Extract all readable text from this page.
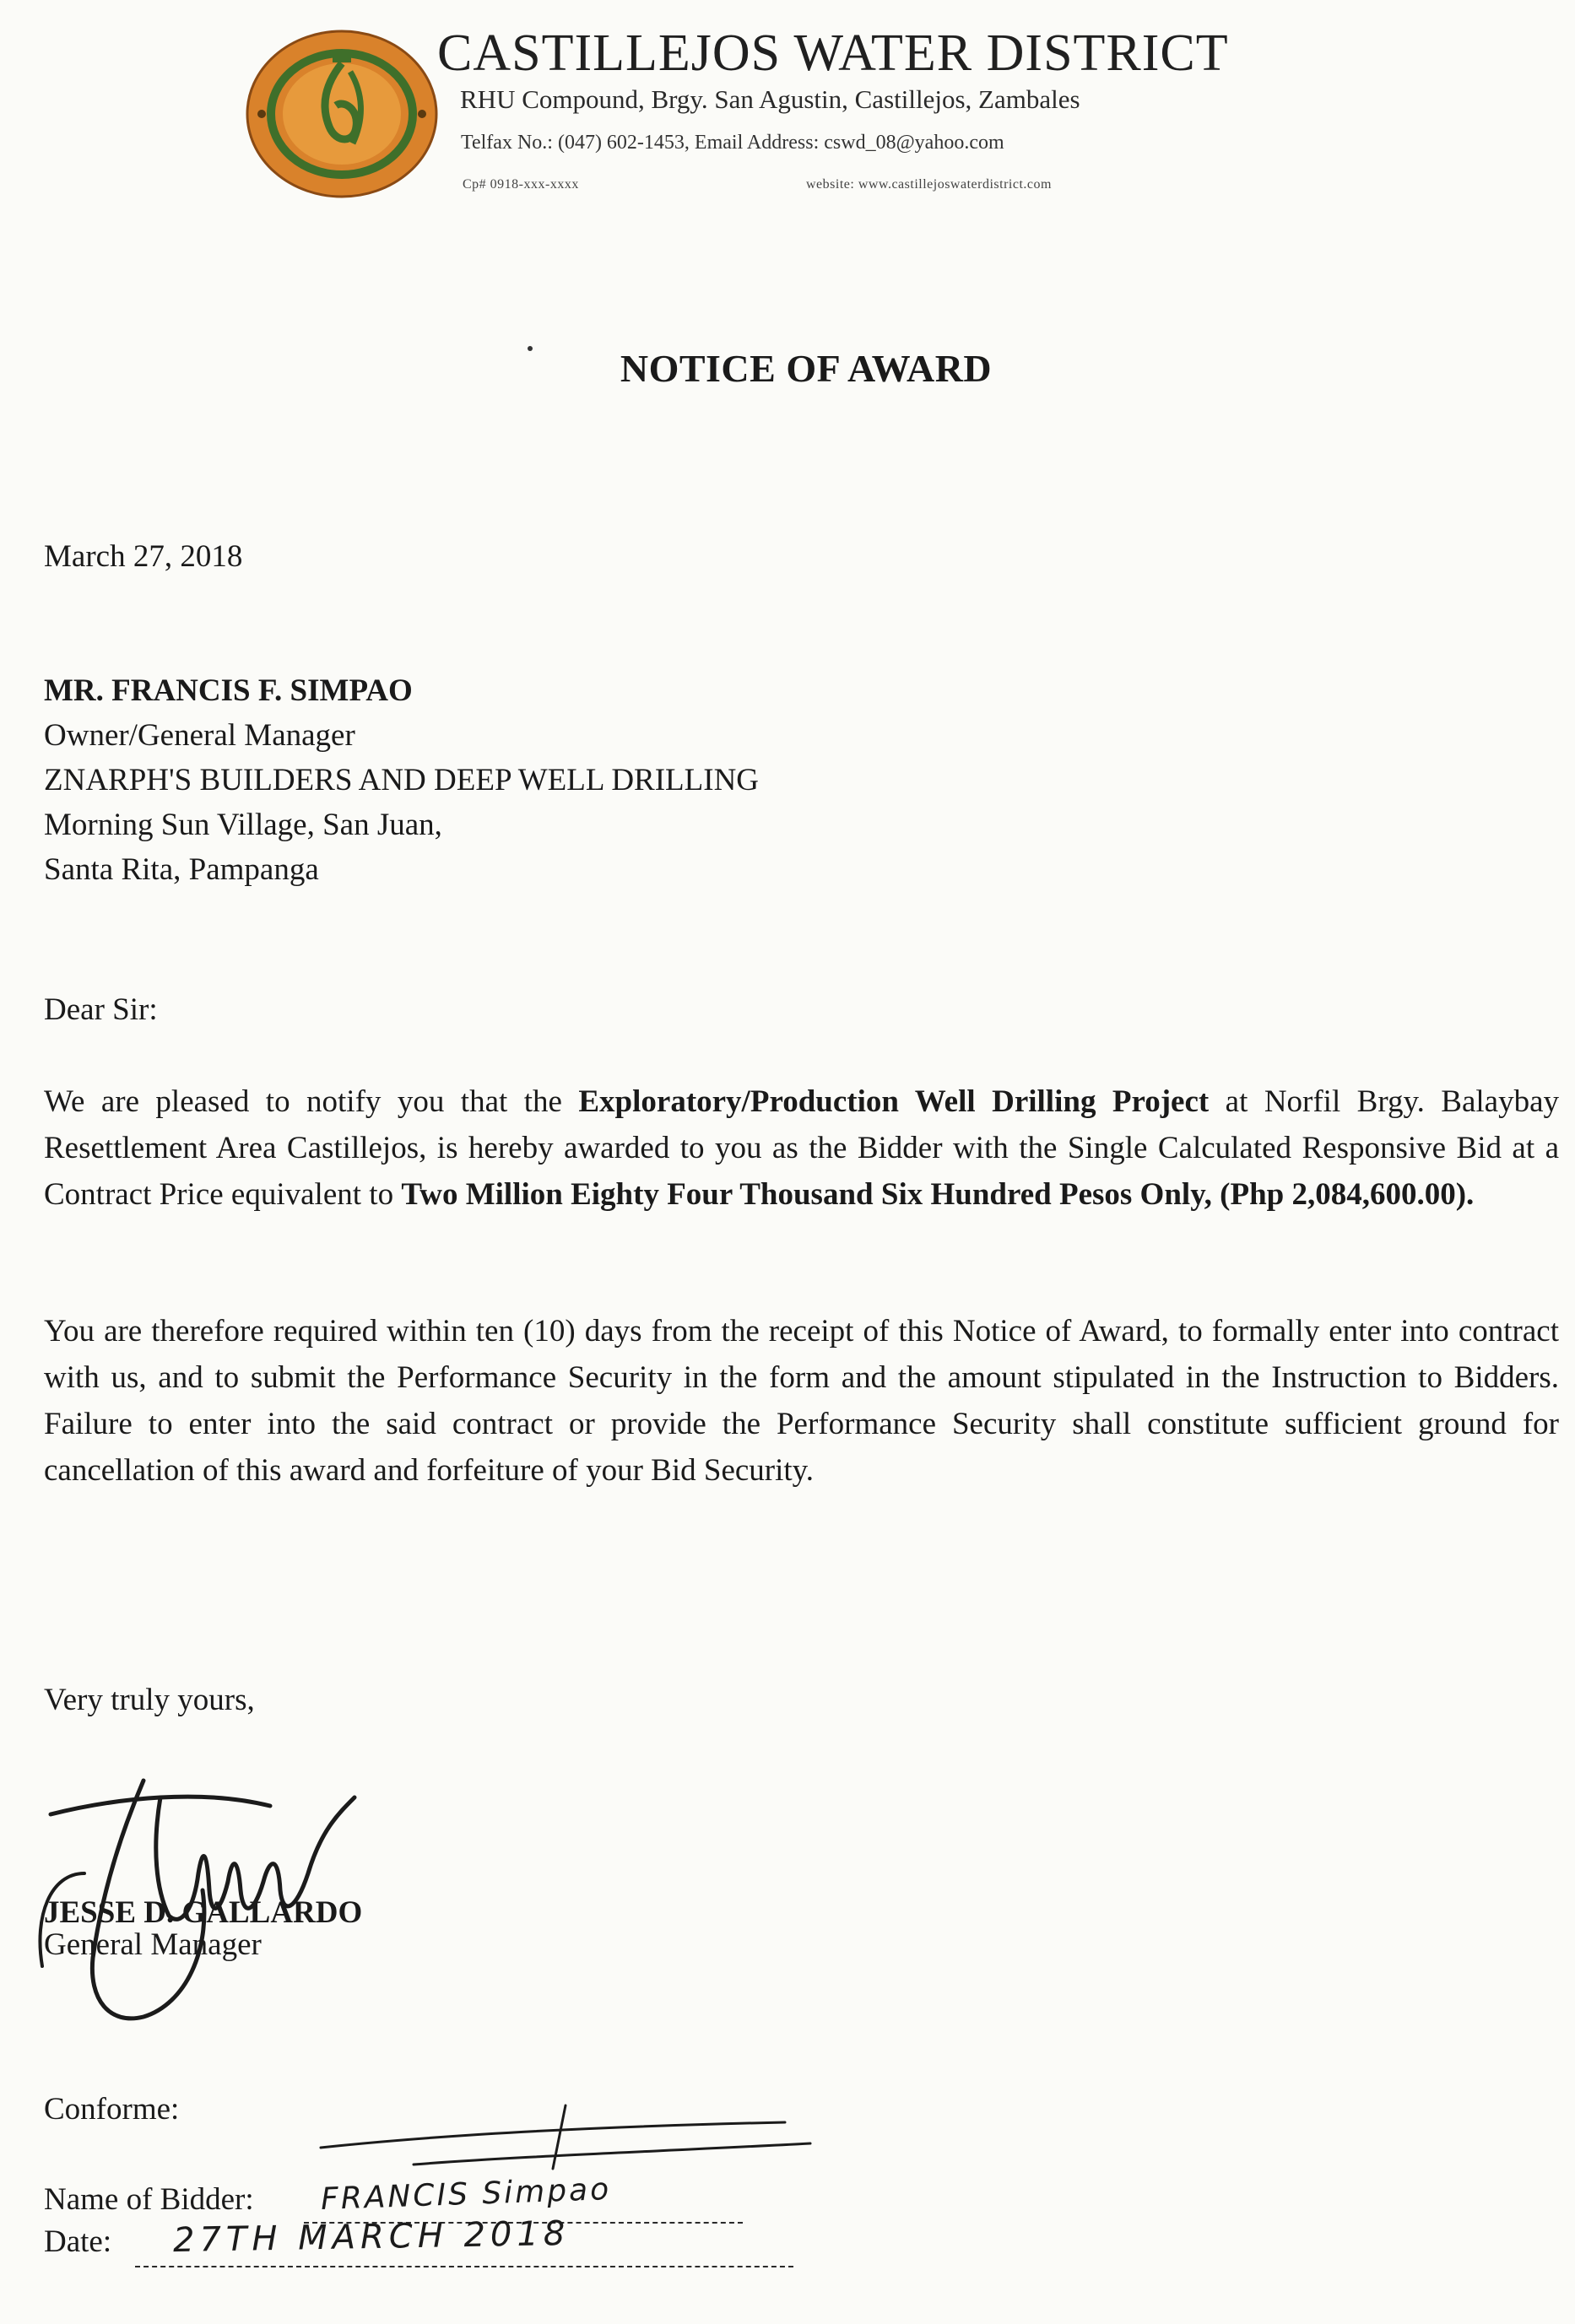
CASTILLEJOS WATER DISTRICT
RHU Compound, Brgy. San Agustin, Castillejos, Zambales
Telfax No.: (047) 602-1453, Email Address: cswd_08@yahoo.com
Cp# 0918-xxx-xxxx	website: www.castillejoswaterdistrict.com
NOTICE OF AWARD
March 27, 2018
MR. FRANCIS F. SIMPAO
Owner/General Manager
ZNARPH'S BUILDERS AND DEEP WELL DRILLING
Morning Sun Village, San Juan,
Santa Rita, Pampanga
Dear Sir:
We are pleased to notify you that the Exploratory/Production Well Drilling Project at Norfil Brgy. Balaybay Resettlement Area Castillejos, is hereby awarded to you as the Bidder with the Single Calculated Responsive Bid at a Contract Price equivalent to Two Million Eighty Four Thousand Six Hundred Pesos Only, (Php 2,084,600.00).
You are therefore required within ten (10) days from the receipt of this Notice of Award, to formally enter into contract with us, and to submit the Performance Security in the form and the amount stipulated in the Instruction to Bidders. Failure to enter into the said contract or provide the Performance Security shall constitute sufficient ground for cancellation of this award and forfeiture of your Bid Security.
Very truly yours,
JESSE D. GALLARDO
General Manager
Conforme:
Name of Bidder: FRANCIS Simpao
Date: 27TH MARCH 2018
